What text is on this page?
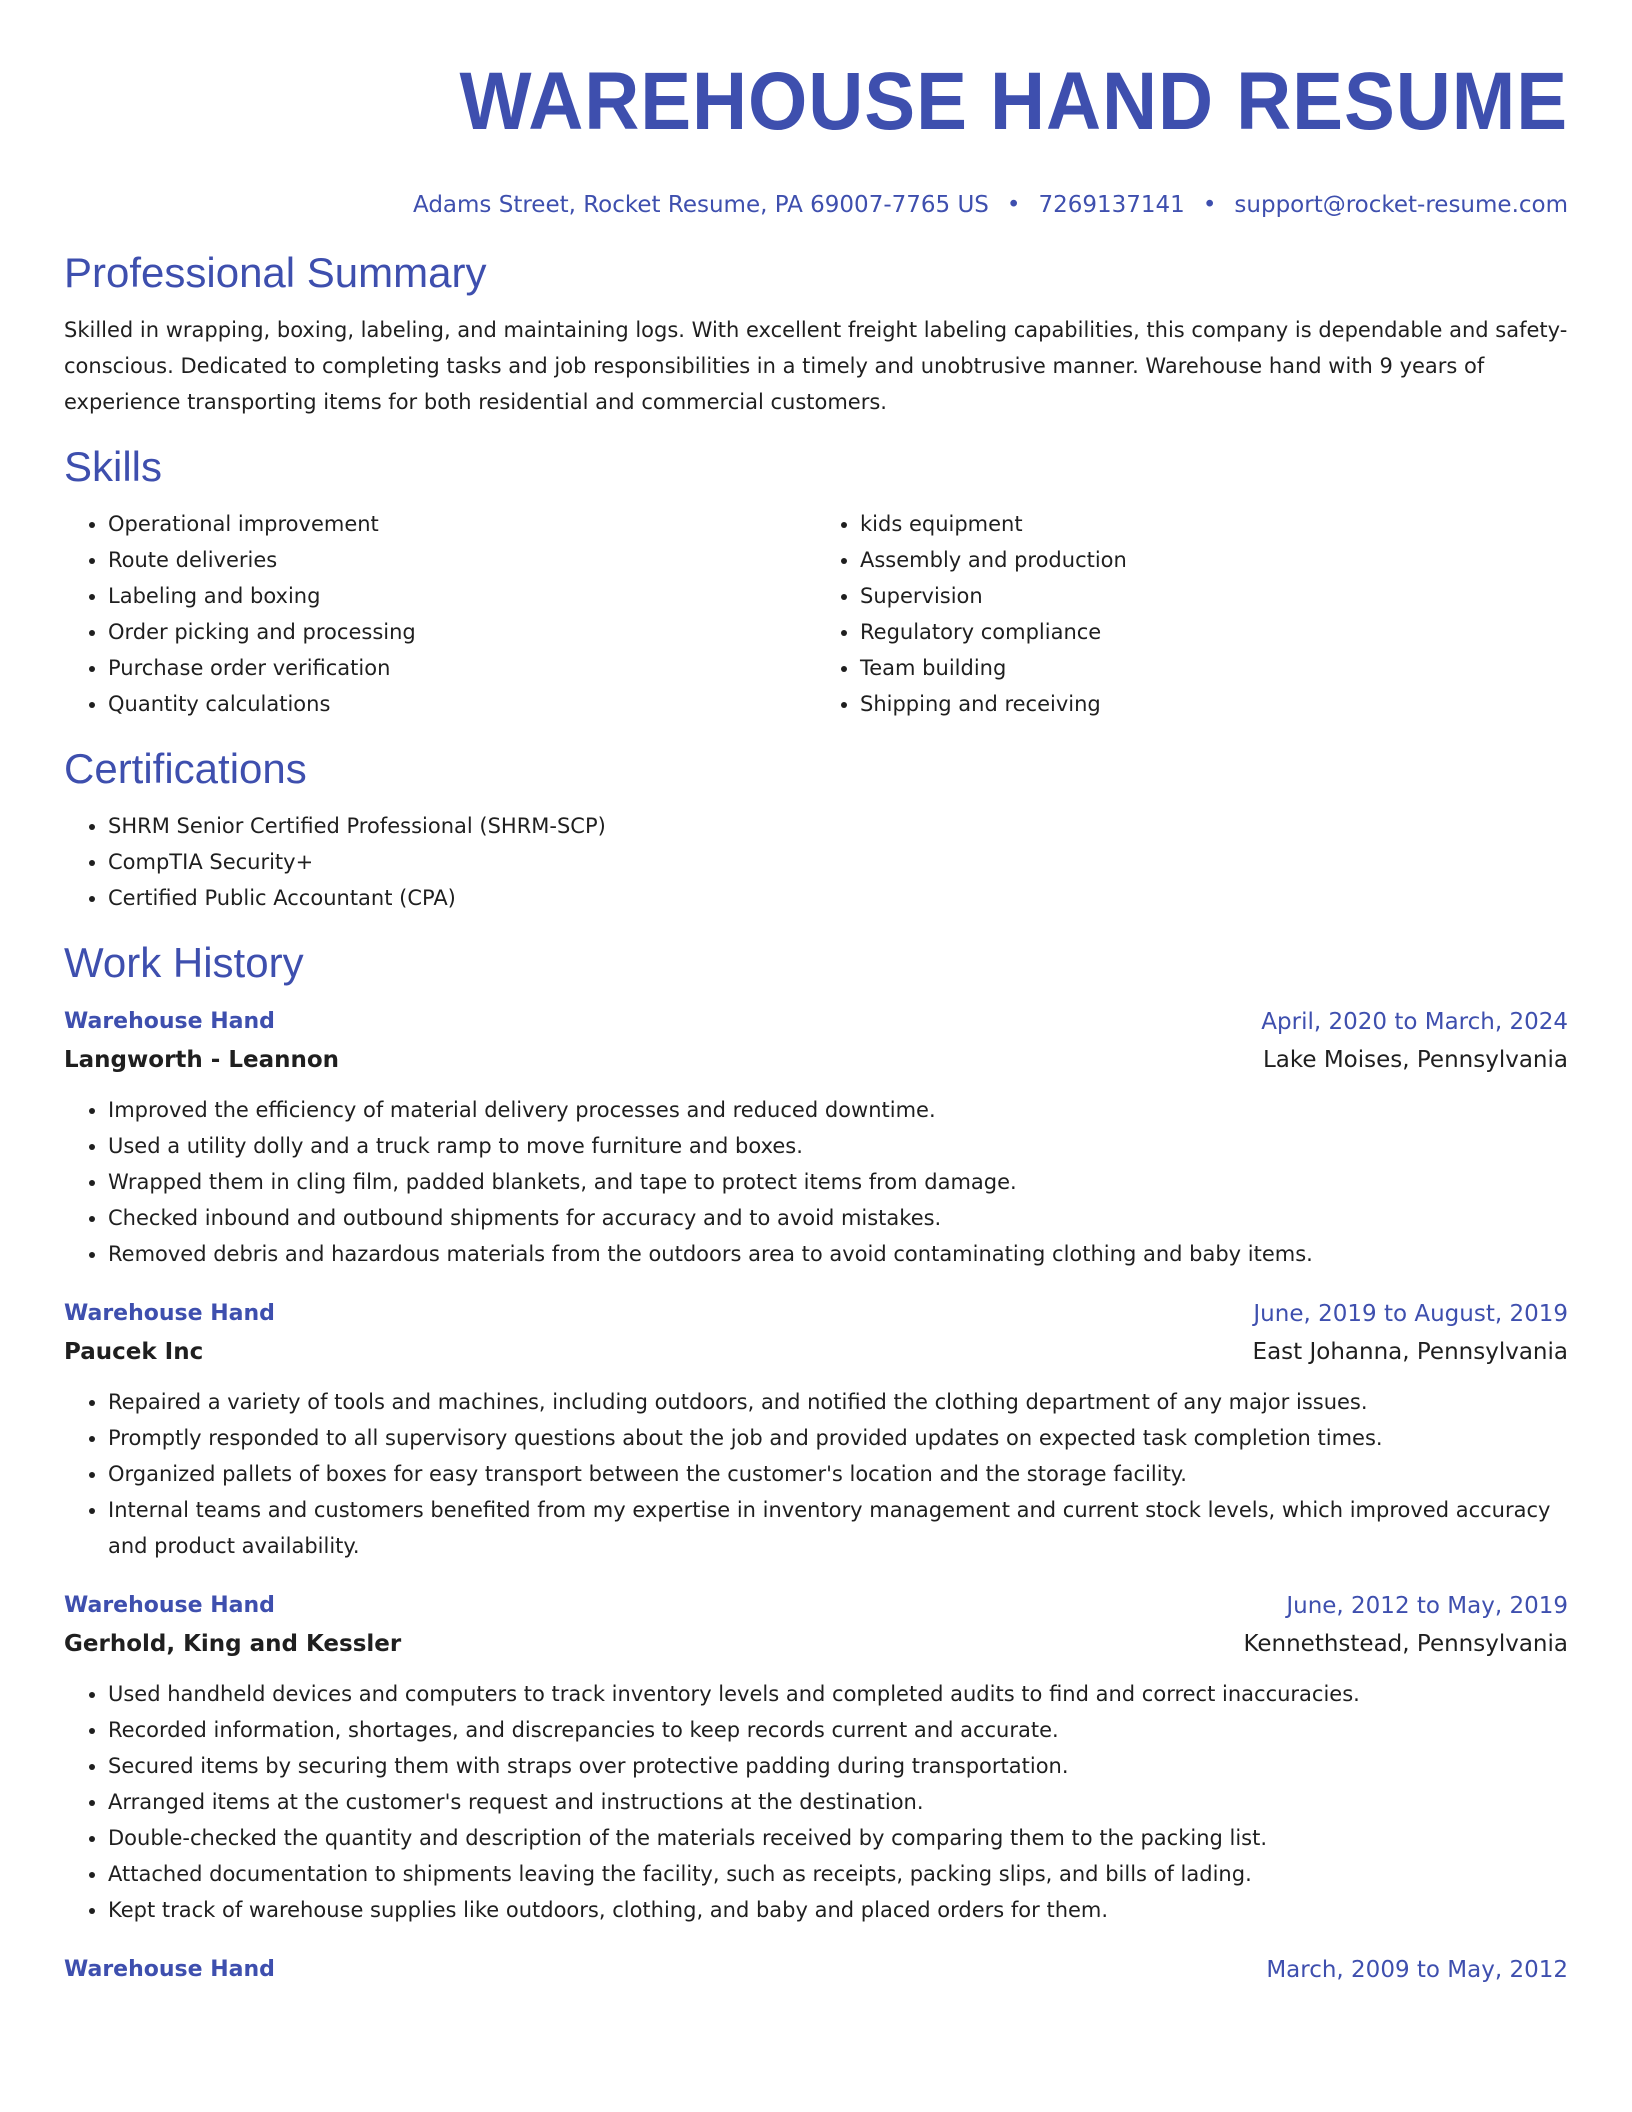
WAREHOUSE HAND RESUME
Adams Street, Rocket Resume, PA 69007-7765 US • 7269137141 • support@rocket-resume.com
Professional Summary

Skilled in wrapping, boxing, labeling, and maintaining logs. With excellent freight labeling capabilities, this company is dependable and safety-conscious. Dedicated to completing tasks and job responsibilities in a timely and unobtrusive manner. Warehouse hand with 9 years of experience transporting items for both residential and commercial customers.

Skills
• Operational improvement
• Route deliveries
• Labeling and boxing
• Order picking and processing
• Purchase order verification
• Quantity calculations
• kids equipment
• Assembly and production
• Supervision
• Regulatory compliance
• Team building
• Shipping and receiving
Certifications
• SHRM Senior Certified Professional (SHRM-SCP)
• CompTIA Security+
• Certified Public Accountant (CPA)
Work History
Warehouse Hand	April, 2020 to March, 2024
Langworth - Leannon	Lake Moises, Pennsylvania
• Improved the efficiency of material delivery processes and reduced downtime.
• Used a utility dolly and a truck ramp to move furniture and boxes.
• Wrapped them in cling film, padded blankets, and tape to protect items from damage.
• Checked inbound and outbound shipments for accuracy and to avoid mistakes.
• Removed debris and hazardous materials from the outdoors area to avoid contaminating clothing and baby items.
Warehouse Hand	June, 2019 to August, 2019
Paucek Inc	East Johanna, Pennsylvania
• Repaired a variety of tools and machines, including outdoors, and notified the clothing department of any major issues.
• Promptly responded to all supervisory questions about the job and provided updates on expected task completion times.
• Organized pallets of boxes for easy transport between the customer's location and the storage facility.
• Internal teams and customers benefited from my expertise in inventory management and current stock levels, which improved accuracy and product availability.
Warehouse Hand	June, 2012 to May, 2019
Gerhold, King and Kessler	Kennethstead, Pennsylvania
• Used handheld devices and computers to track inventory levels and completed audits to find and correct inaccuracies.
• Recorded information, shortages, and discrepancies to keep records current and accurate.
• Secured items by securing them with straps over protective padding during transportation.
• Arranged items at the customer's request and instructions at the destination.
• Double-checked the quantity and description of the materials received by comparing them to the packing list.
• Attached documentation to shipments leaving the facility, such as receipts, packing slips, and bills of lading.
• Kept track of warehouse supplies like outdoors, clothing, and baby and placed orders for them.
Warehouse Hand	March, 2009 to May, 2012
